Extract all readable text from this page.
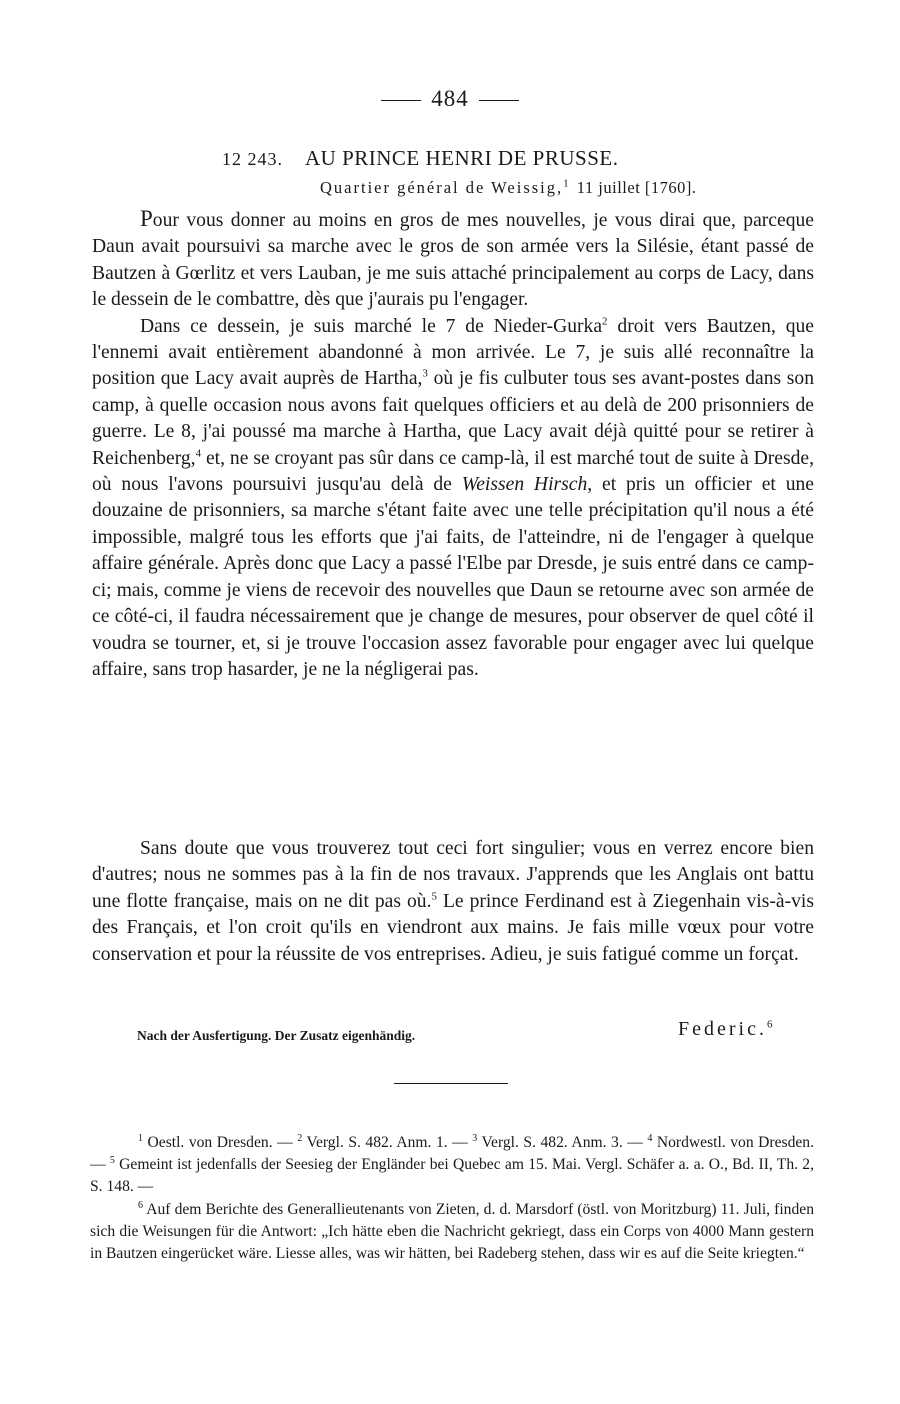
484
12 243. AU PRINCE HENRI DE PRUSSE.
Quartier général de Weissig,$^1$ 11 juillet [1760].

Pour vous donner au moins en gros de mes nouvelles, je vous dirai que, parceque Daun avait poursuivi sa marche avec le gros de son armée vers la Silésie, étant passé de Bautzen à Gœrlitz et vers Lauban, je me suis attaché principalement au corps de Lacy, dans le dessein de le combattre, dès que j'aurais pu l'engager.

Dans ce dessein, je suis marché le 7 de Nieder-Gurka$^2$ droit vers Bautzen, que l'ennemi avait entièrement abandonné à mon arrivée. Le 7, je suis allé reconnaître la position que Lacy avait auprès de Hartha,$^3$ où je fis culbuter tous ses avant-postes dans son camp, à quelle occasion nous avons fait quelques officiers et au delà de 200 prisonniers de guerre. Le 8, j'ai poussé ma marche à Hartha, que Lacy avait déjà quitté pour se retirer à Reichenberg,$^4$ et, ne se croyant pas sûr dans ce camp-là, il est marché tout de suite à Dresde, où nous l'avons poursuivi jusqu'au delà de Weissen Hirsch, et pris un officier et une douzaine de prisonniers, sa marche s'étant faite avec une telle précipitation qu'il nous a été impossible, malgré tous les efforts que j'ai faits, de l'atteindre, ni de l'engager à quelque affaire générale. Après donc que Lacy a passé l'Elbe par Dresde, je suis entré dans ce camp-ci; mais, comme je viens de recevoir des nouvelles que Daun se retourne avec son armée de ce côté-ci, il faudra nécessairement que je change de mesures, pour observer de quel côté il voudra se tourner, et, si je trouve l'occasion assez favorable pour engager avec lui quelque affaire, sans trop hasarder, je ne la négligerai pas.

Sans doute que vous trouverez tout ceci fort singulier; vous en verrez encore bien d'autres; nous ne sommes pas à la fin de nos travaux. J'apprends que les Anglais ont battu une flotte française, mais on ne dit pas où.$^5$ Le prince Ferdinand est à Ziegenhain vis-à-vis des Français, et l'on croit qu'ils en viendront aux mains. Je fais mille vœux pour votre conservation et pour la réussite de vos entreprises. Adieu, je suis fatigué comme un forçat.

Nach der Ausfertigung. Der Zusatz eigenhändig.	Federic.$^6$

$^1$ Oestl. von Dresden. — $^2$ Vergl. S. 482. Anm. 1. — $^3$ Vergl. S. 482. Anm. 3. — $^4$ Nordwestl. von Dresden. — $^5$ Gemeint ist jedenfalls der Seesieg der Engländer bei Quebec am 15. Mai. Vergl. Schäfer a. a. O., Bd. II, Th. 2, S. 148. —

$^6$ Auf dem Berichte des Generallieutenants von Zieten, d. d. Marsdorf (östl. von Moritzburg) 11. Juli, finden sich die Weisungen für die Antwort: „Ich hätte eben die Nachricht gekriegt, dass ein Corps von 4000 Mann gestern in Bautzen eingerücket wäre. Liesse alles, was wir hätten, bei Radeberg stehen, dass wir es auf die Seite kriegten.“
